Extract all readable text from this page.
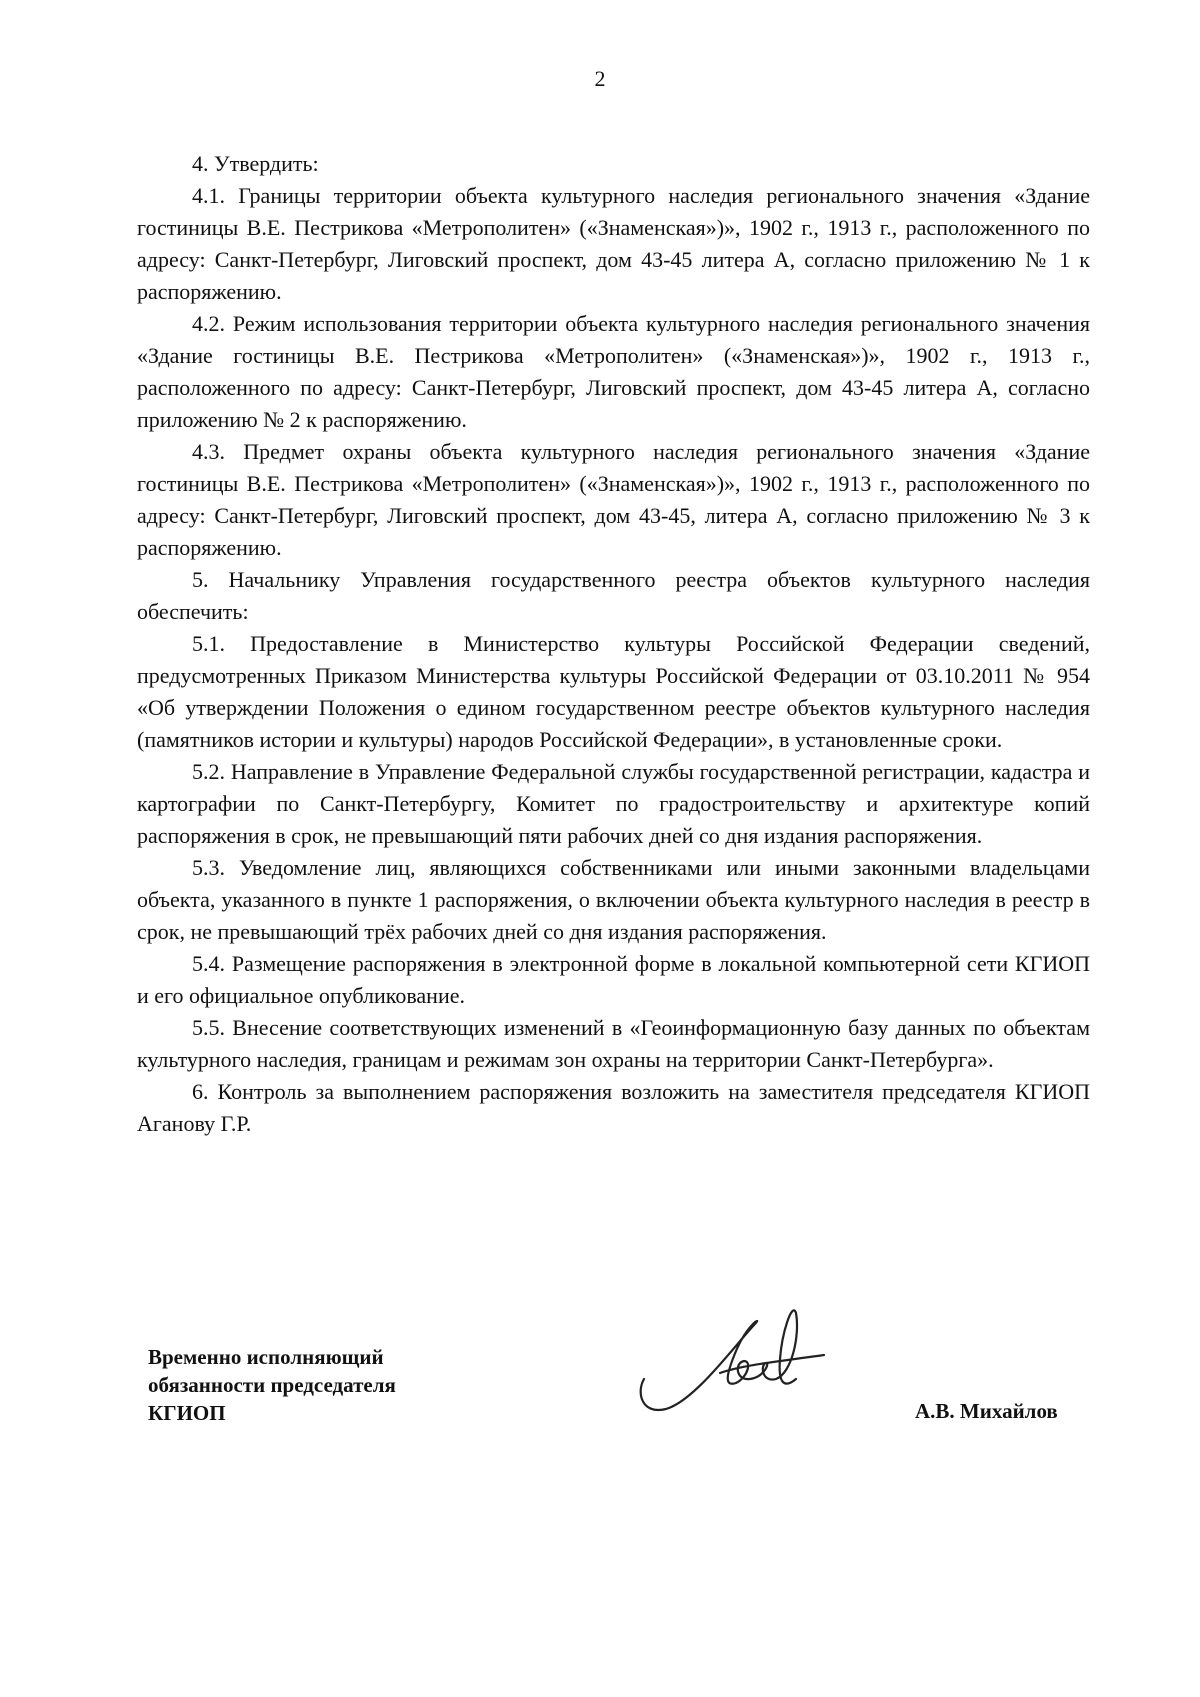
2

4. Утвердить:

4.1. Границы территории объекта культурного наследия регионального значения «Здание гостиницы В.Е. Пестрикова «Метрополитен» («Знаменская»)», 1902 г., 1913 г., расположенного по адресу: Санкт-Петербург, Лиговский проспект, дом 43-45 литера А, согласно приложению № 1 к распоряжению.

4.2. Режим использования территории объекта культурного наследия регионального значения «Здание гостиницы В.Е. Пестрикова «Метрополитен» («Знаменская»)», 1902 г., 1913 г., расположенного по адресу: Санкт-Петербург, Лиговский проспект, дом 43-45 литера А, согласно приложению № 2 к распоряжению.

4.3. Предмет охраны объекта культурного наследия регионального значения «Здание гостиницы В.Е. Пестрикова «Метрополитен» («Знаменская»)», 1902 г., 1913 г., расположенного по адресу: Санкт-Петербург, Лиговский проспект, дом 43-45, литера А, согласно приложению № 3 к распоряжению.

5. Начальнику Управления государственного реестра объектов культурного наследия обеспечить:

5.1. Предоставление в Министерство культуры Российской Федерации сведений, предусмотренных Приказом Министерства культуры Российской Федерации от 03.10.2011 № 954 «Об утверждении Положения о едином государственном реестре объектов культурного наследия (памятников истории и культуры) народов Российской Федерации», в установленные сроки.

5.2. Направление в Управление Федеральной службы государственной регистрации, кадастра и картографии по Санкт-Петербургу, Комитет по градостроительству и архитектуре копий распоряжения в срок, не превышающий пяти рабочих дней со дня издания распоряжения.

5.3. Уведомление лиц, являющихся собственниками или иными законными владельцами объекта, указанного в пункте 1 распоряжения, о включении объекта культурного наследия в реестр в срок, не превышающий трёх рабочих дней со дня издания распоряжения.

5.4. Размещение распоряжения в электронной форме в локальной компьютерной сети КГИОП и его официальное опубликование.

5.5. Внесение соответствующих изменений в «Геоинформационную базу данных по объектам культурного наследия, границам и режимам зон охраны на территории Санкт-Петербурга».

6. Контроль за выполнением распоряжения возложить на заместителя председателя КГИОП Аганову Г.Р.

Временно исполняющий
обязанности председателя
КГИОП	А.В. Михайлов
